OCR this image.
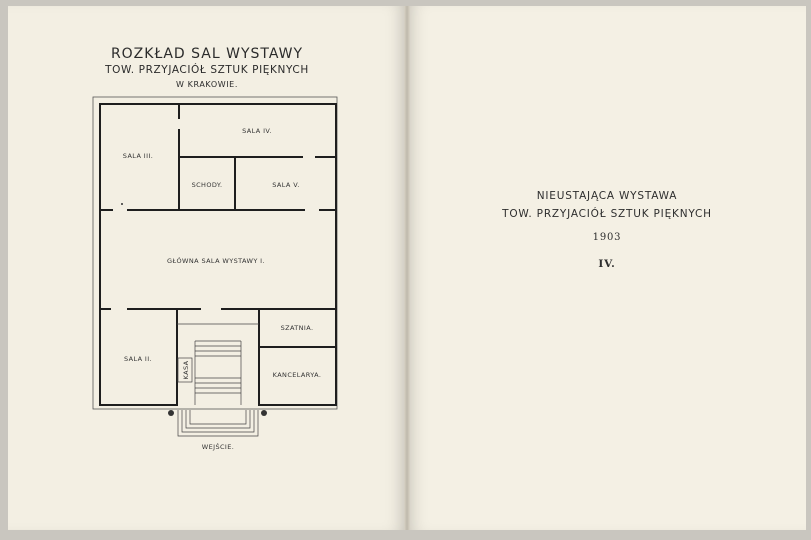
ROZKŁAD SAL WYSTAWY
TOW. PRZYJACIÓŁ SZTUK PIĘKNYCH
W KRAKOWIE.
SALA IV.
SALA III.
SCHODY.	SALA V.
GŁÓWNA SALA WYSTAWY I.
SZATNIA.
SALA II.
KANCELARYA.
KASA
WEJŚCIE.
NIEUSTAJĄCA WYSTAWA
TOW. PRZYJACIÓŁ SZTUK PIĘKNYCH
1903
IV.
